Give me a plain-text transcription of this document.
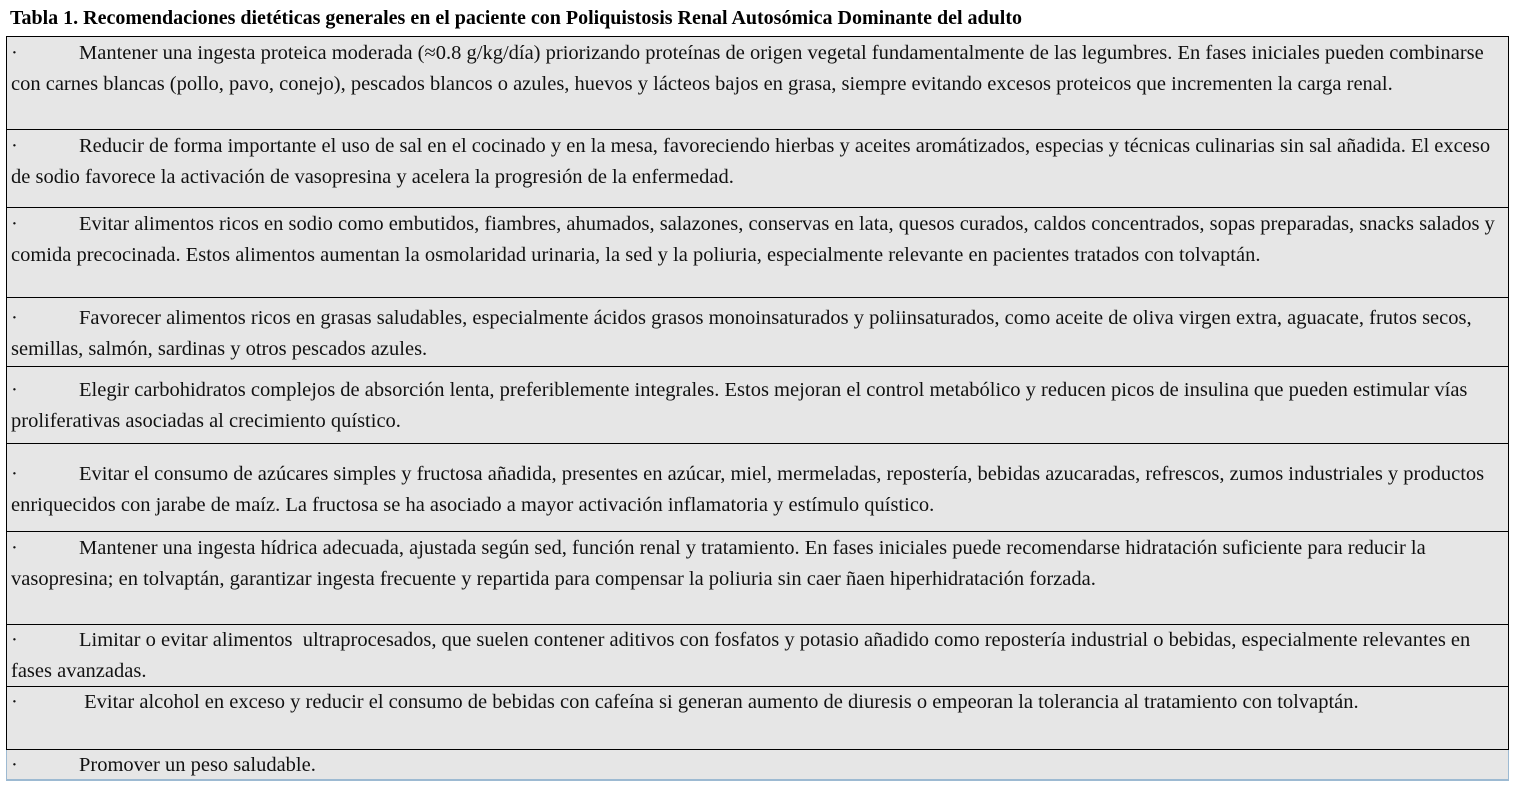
Tabla 1. Recomendaciones dietéticas generales en el paciente con Poliquistosis Renal Autosómica Dominante del adulto
·	Mantener una ingesta proteica moderada (≈0.8 g/kg/día) priorizando proteínas de origen vegetal fundamentalmente de las legumbres. En fases iniciales pueden combinarse con carnes blancas (pollo, pavo, conejo), pescados blancos o azules, huevos y lácteos bajos en grasa, siempre evitando excesos proteicos que incrementen la carga renal.
·	Reducir de forma importante el uso de sal en el cocinado y en la mesa, favoreciendo hierbas y aceites aromátizados, especias y técnicas culinarias sin sal añadida. El exceso de sodio favorece la activación de vasopresina y acelera la progresión de la enfermedad.
·	Evitar alimentos ricos en sodio como embutidos, fiambres, ahumados, salazones, conservas en lata, quesos curados, caldos concentrados, sopas preparadas, snacks salados y comida precocinada. Estos alimentos aumentan la osmolaridad urinaria, la sed y la poliuria, especialmente relevante en pacientes tratados con tolvaptán.
·	Favorecer alimentos ricos en grasas saludables, especialmente ácidos grasos monoinsaturados y poliinsaturados, como aceite de oliva virgen extra, aguacate, frutos secos, semillas, salmón, sardinas y otros pescados azules.
·	Elegir carbohidratos complejos de absorción lenta, preferiblemente integrales. Estos mejoran el control metabólico y reducen picos de insulina que pueden estimular vías proliferativas asociadas al crecimiento quístico.
·	Evitar el consumo de azúcares simples y fructosa añadida, presentes en azúcar, miel, mermeladas, repostería, bebidas azucaradas, refrescos, zumos industriales y productos enriquecidos con jarabe de maíz. La fructosa se ha asociado a mayor activación inflamatoria y estímulo quístico.
·	Mantener una ingesta hídrica adecuada, ajustada según sed, función renal y tratamiento. En fases iniciales puede recomendarse hidratación suficiente para reducir la vasopresina; en tolvaptán, garantizar ingesta frecuente y repartida para compensar la poliuria sin caer ñaen hiperhidratación forzada.
·	Limitar o evitar alimentos  ultraprocesados, que suelen contener aditivos con fosfatos y potasio añadido como repostería industrial o bebidas, especialmente relevantes en fases avanzadas.
·	Evitar alcohol en exceso y reducir el consumo de bebidas con cafeína si generan aumento de diuresis o empeoran la tolerancia al tratamiento con tolvaptán.
·	Promover un peso saludable.
